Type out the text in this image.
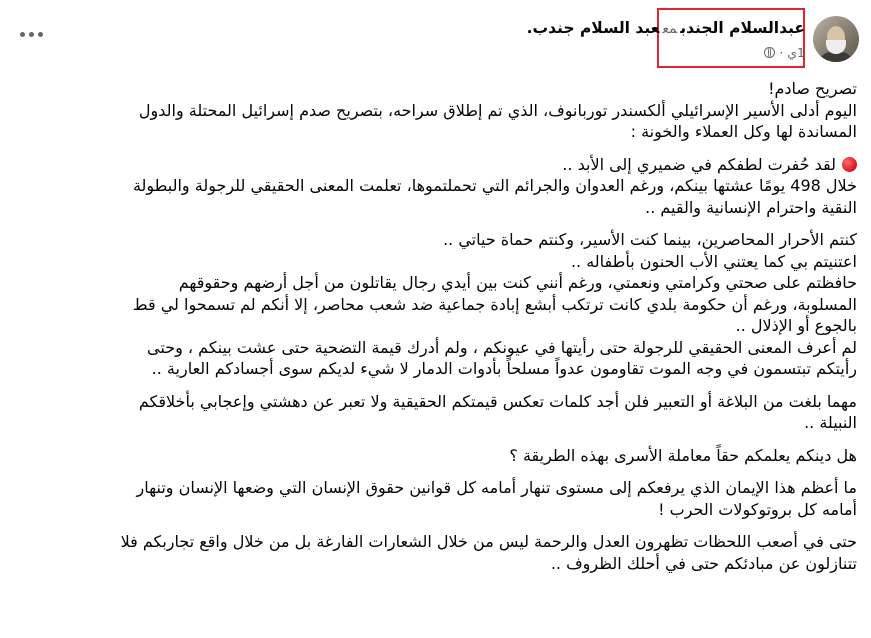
عبدالسلام الجندبمععبد السلام جندب.
1ي ·
تصريح صادم!
اليوم أدلى الأسير الإسرائيلي ألكسندر توربانوف، الذي تم إطلاق سراحه، بتصريح صدم إسرائيل المحتلة والدول
المساندة لها وكل العملاء والخونة :
لقد حُفرت لطفكم في ضميري إلى الأبد ..
خلال 498 يومًا عشتها بينكم، ورغم العدوان والجرائم التي تحملتموها، تعلمت المعنى الحقيقي للرجولة والبطولة
النقية واحترام الإنسانية والقيم ..
كنتم الأحرار المحاصرين، بينما كنت الأسير، وكنتم حماة حياتي ..
اعتنيتم بي كما يعتني الأب الحنون بأطفاله ..
حافظتم على صحتي وكرامتي ونعمتي، ورغم أنني كنت بين أيدي رجال يقاتلون من أجل أرضهم وحقوقهم
المسلوبة، ورغم أن حكومة بلدي كانت ترتكب أبشع إبادة جماعية ضد شعب محاصر، إلا أنكم لم تسمحوا لي قط
بالجوع أو الإذلال ..
لم أعرف المعنى الحقيقي للرجولة حتى رأيتها في عيونكم ، ولم أدرك قيمة التضحية حتى عشت بينكم ، وحتى
رأيتكم تبتسمون في وجه الموت تقاومون عدواً مسلحاً بأدوات الدمار لا شيء لديكم سوى أجسادكم العارية ..
مهما بلغت من البلاغة أو التعبير فلن أجد كلمات تعكس قيمتكم الحقيقية ولا تعبر عن دهشتي وإعجابي بأخلاقكم
النبيلة ..
هل دينكم يعلمكم حقاً معاملة الأسرى بهذه الطريقة ؟
ما أعظم هذا الإيمان الذي يرفعكم إلى مستوى تنهار أمامه كل قوانين حقوق الإنسان التي وضعها الإنسان وتنهار
أمامه كل بروتوكولات الحرب !
حتى في أصعب اللحظات تظهرون العدل والرحمة ليس من خلال الشعارات الفارغة بل من خلال واقع تجاربكم فلا
تتنازلون عن مبادئكم حتى في أحلك الظروف ..
